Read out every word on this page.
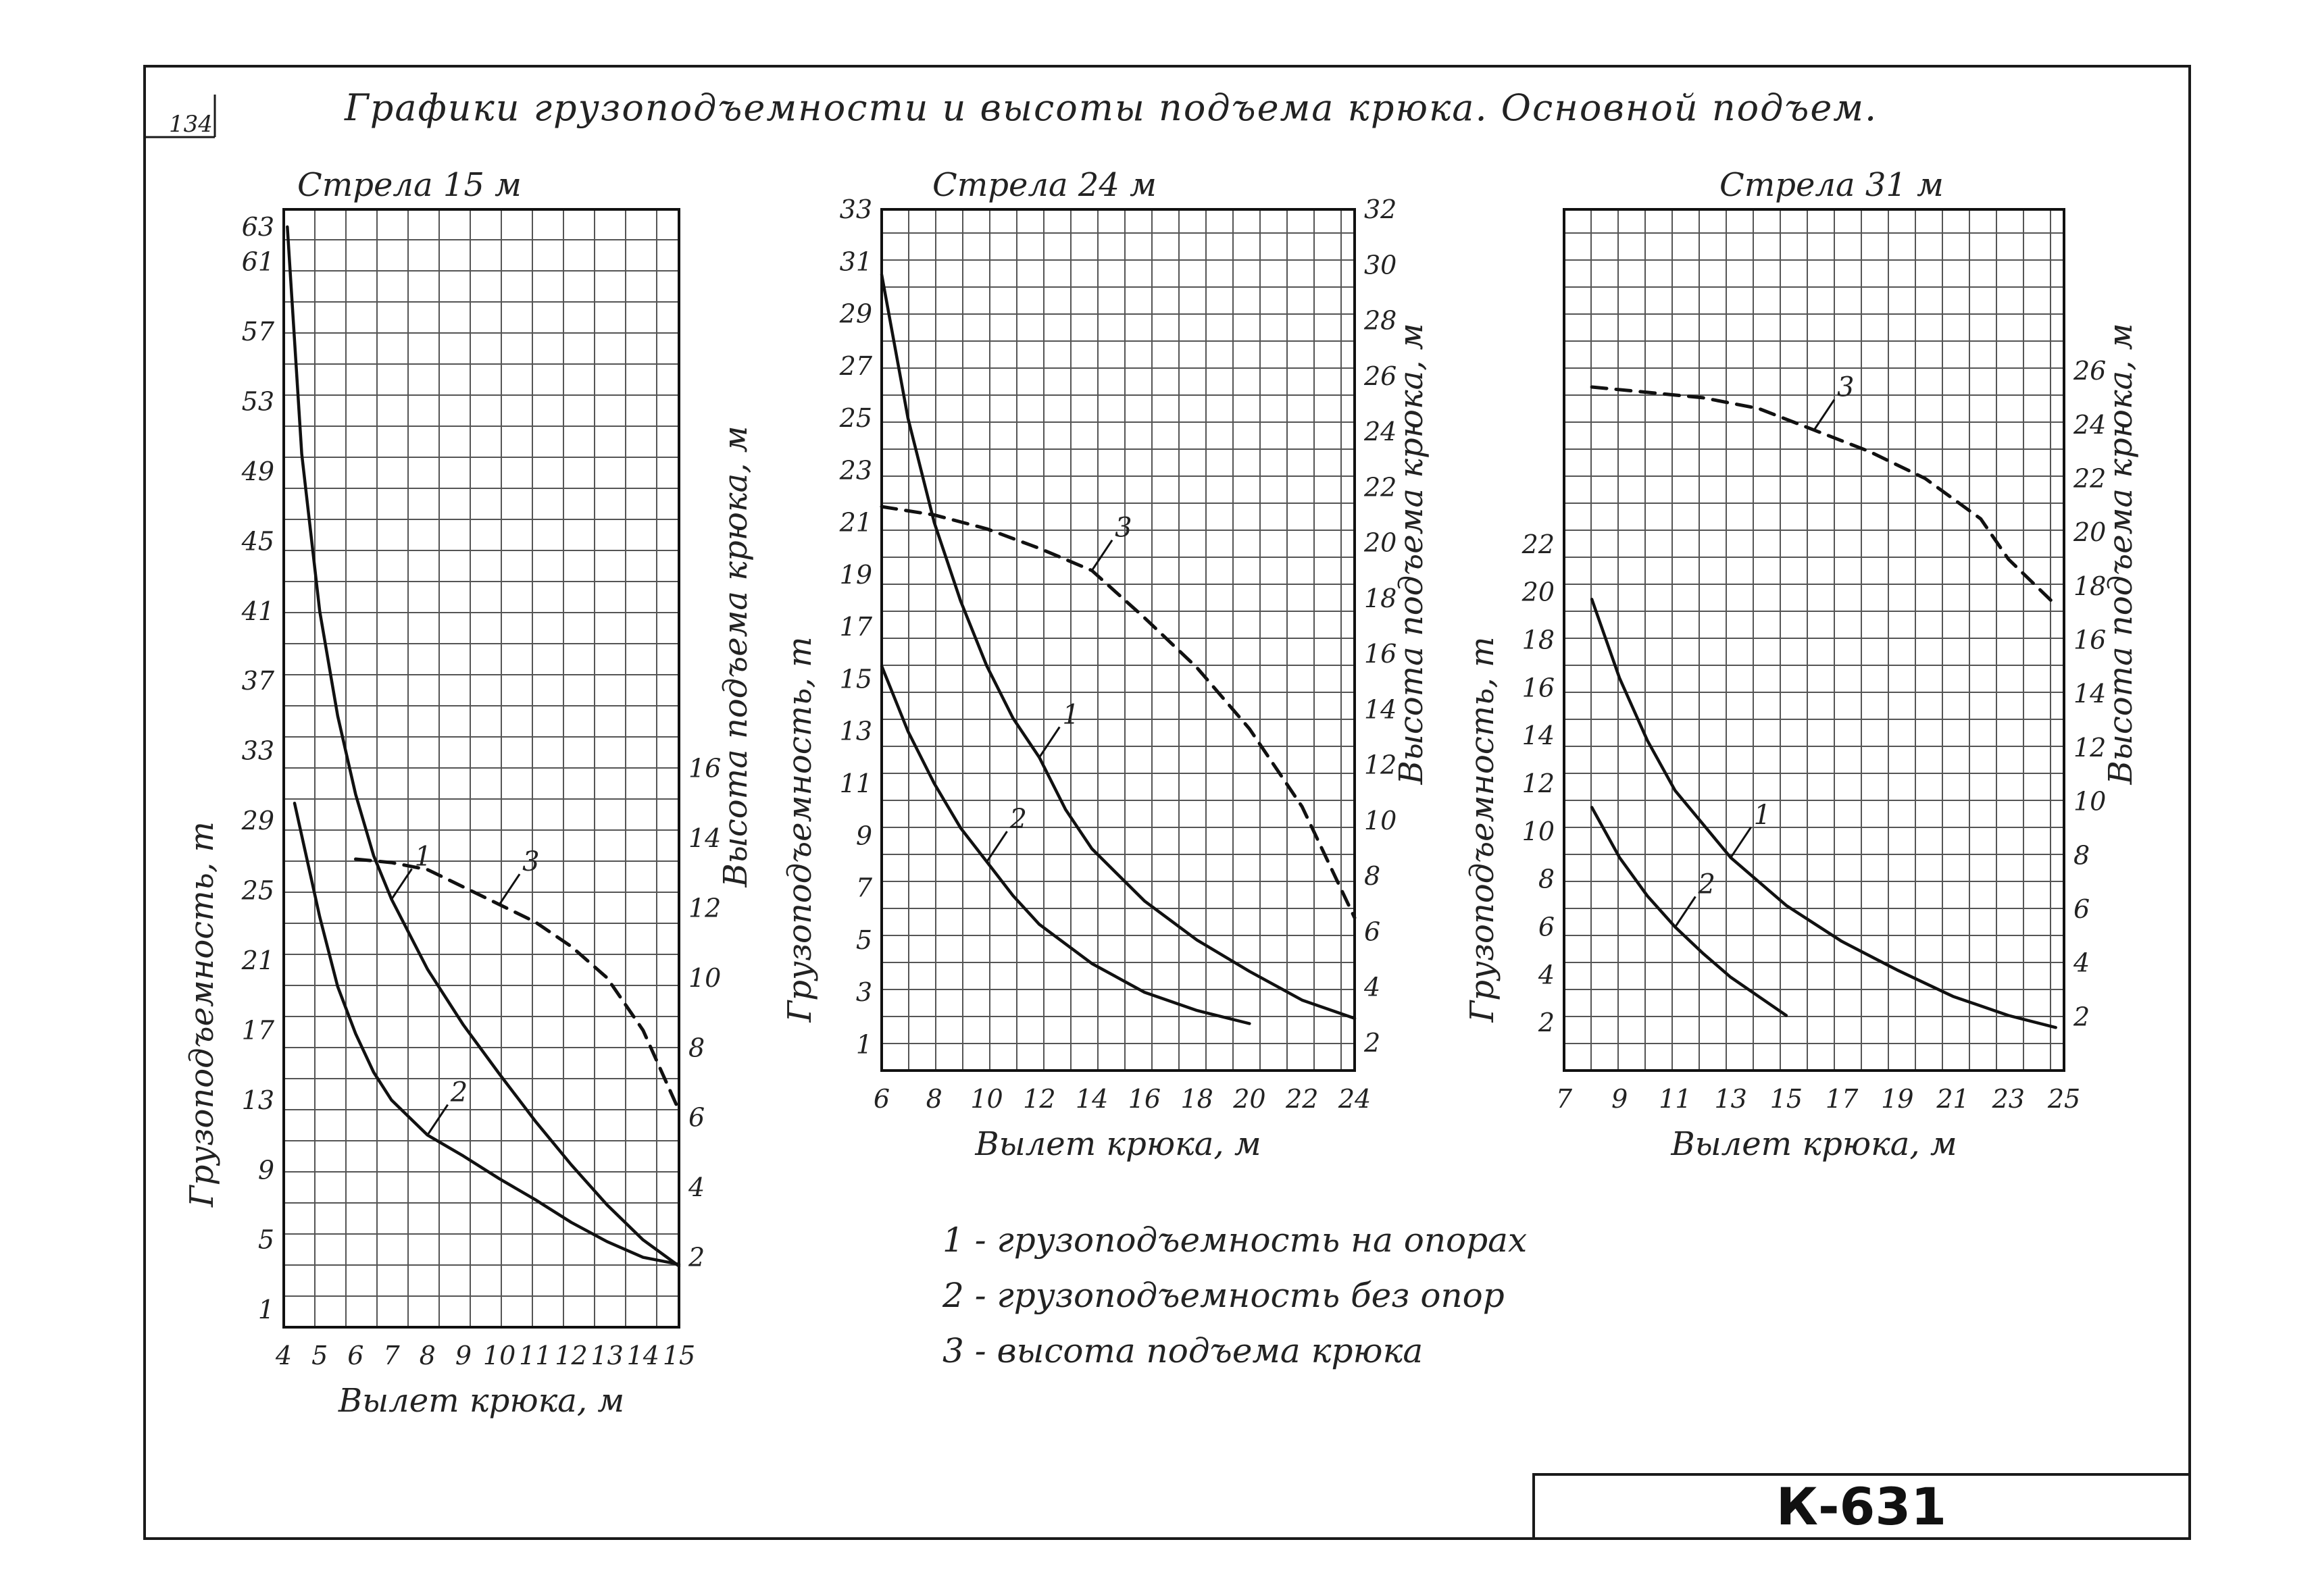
134	Графики грузоподъемности и высоты подъема крюка. Основной подъем.
К-631
1 - грузоподъемность на опорах
2 - грузоподъемность без опор
3 - высота подъема крюка
Стрела 15 м
4 5 6 7 8 9 10 11 12 13 14 15
1
5
9
13
17
21
25
29
33
37
41
45
49
53
57
61
63
2
4
6
8
10
12
14
16
Вылет крюка, м
Грузоподъемность, т
Высота подъема крюка, м
1
2
3
Стрела 24 м
6 8 10 12 14 16 18 20 22 24
1
3
5
7
9
11
13
15
17
19
21
23
25
27
29
31
33
2
4
6
8
10
12
14
16
18
20
22
24
26
28
30
32
Вылет крюка, м
Грузоподъемность, т
Высота подъема крюка, м
1
2
3
Стрела 31 м
7 9 11 13 15 17 19 21 23 25
2
4
6
8
10
12
14
16
18
20
22
2
4
6
8
10
12
14
16
18
20
22
24
26
Вылет крюка, м
Грузоподъемность, т
Высота подъема крюка, м
1
2
3
